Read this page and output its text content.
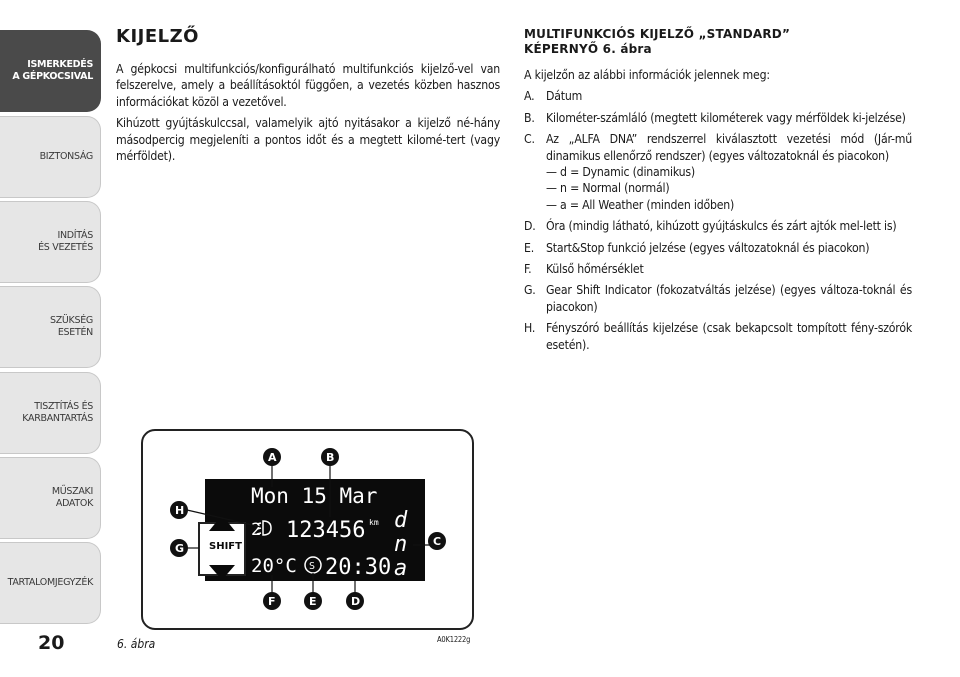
ISMERKEDÉS
A GÉPKOCSIVAL
BIZTONSÁG
INDÍTÁS
ÉS VEZETÉS
SZÜKSÉG
ESETÉN
TISZTÍTÁS ÉS
KARBANTARTÁS
MŰSZAKI
ADATOK
TARTALOMJEGYZÉK
20
KIJELZŐ

A gépkocsi multifunkciós/konfigurálható multifunkciós kijelző-vel van felszerelve, amely a beállításoktól függően, a vezetés közben hasznos információkat közöl a vezetővel.

Kihúzott gyújtáskulccsal, valamelyik ajtó nyitásakor a kijelző né-hány másodpercig megjeleníti a pontos időt és a megtett kilomé-tert (vagy mérföldet).

MULTIFUNKCIÓS KIJELZŐ „STANDARD”
KÉPERNYŐ 6. ábra

A kijelzőn az alábbi információk jelennek meg:

A. Dátum
B. Kilométer-számláló (megtett kilométerek vagy mérföldek ki-jelzése)
C. Az „ALFA DNA” rendszerrel kiválasztott vezetési mód (Jár-mű dinamikus ellenőrző rendszer) (egyes változatoknál és piacokon)
— d = Dynamic (dinamikus)
— n = Normal (normál)
— a = All Weather (minden időben)
D. Óra (mindig látható, kihúzott gyújtáskulcs és zárt ajtók mel-lett is)
E. Start&Stop funkció jelzése (egyes változatoknál és piacokon)
F. Külső hőmérséklet
G. Gear Shift Indicator (fokozatváltás jelzése) (egyes változa-toknál és piacokon)
H. Fényszóró beállítás kijelzése (csak bekapcsolt tompított fény-szórók esetén).
Mon 15 Mar
2 123456 km d
n
a
20°C S 20:30
SHIFT
A	B
C
D
E
F
G
H
6. ábra	A0K1222g
